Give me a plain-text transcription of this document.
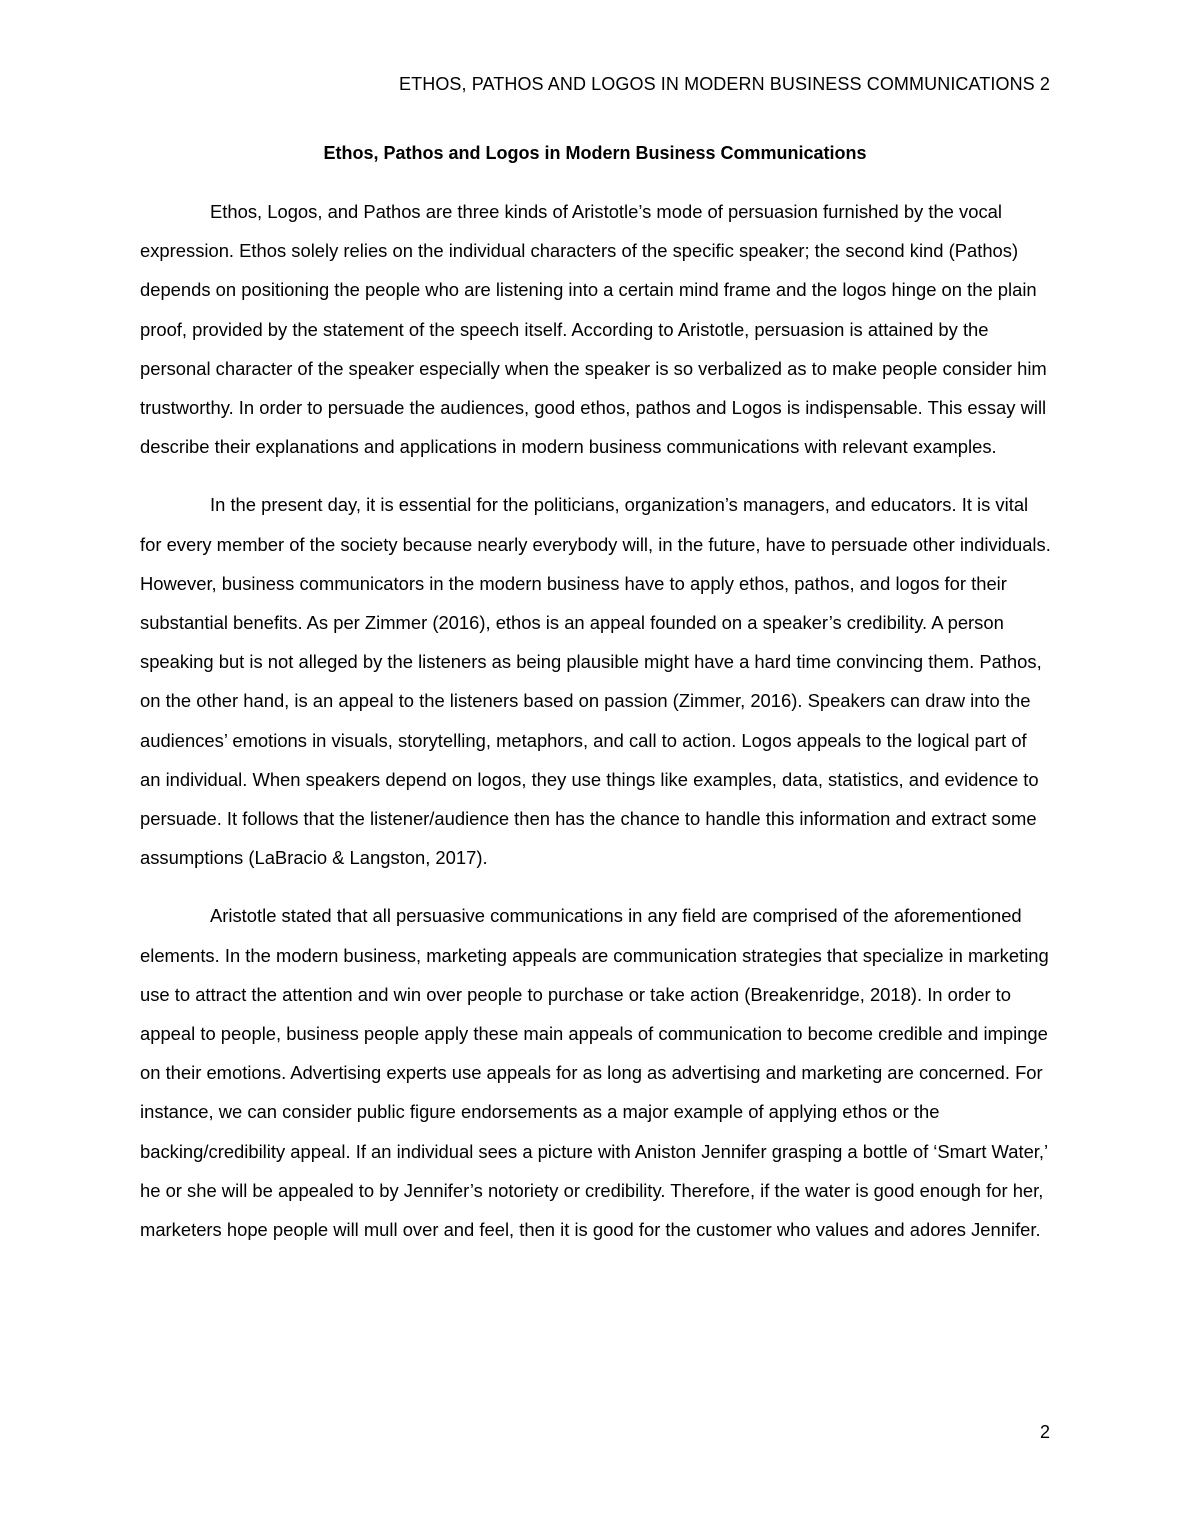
ETHOS, PATHOS AND LOGOS IN MODERN BUSINESS COMMUNICATIONS 2
Ethos, Pathos and Logos in Modern Business Communications

Ethos, Logos, and Pathos are three kinds of Aristotle’s mode of persuasion furnished by the vocal expression. Ethos solely relies on the individual characters of the specific speaker; the second kind (Pathos) depends on positioning the people who are listening into a certain mind frame and the logos hinge on the plain proof, provided by the statement of the speech itself. According to Aristotle, persuasion is attained by the personal character of the speaker especially when the speaker is so verbalized as to make people consider him trustworthy. In order to persuade the audiences, good ethos, pathos and Logos is indispensable. This essay will describe their explanations and applications in modern business communications with relevant examples.

In the present day, it is essential for the politicians, organization’s managers, and educators. It is vital for every member of the society because nearly everybody will, in the future, have to persuade other individuals. However, business communicators in the modern business have to apply ethos, pathos, and logos for their substantial benefits. As per Zimmer (2016), ethos is an appeal founded on a speaker’s credibility. A person speaking but is not alleged by the listeners as being plausible might have a hard time convincing them. Pathos, on the other hand, is an appeal to the listeners based on passion (Zimmer, 2016). Speakers can draw into the audiences’ emotions in visuals, storytelling, metaphors, and call to action. Logos appeals to the logical part of an individual. When speakers depend on logos, they use things like examples, data, statistics, and evidence to persuade. It follows that the listener/audience then has the chance to handle this information and extract some assumptions (LaBracio & Langston, 2017).

Aristotle stated that all persuasive communications in any field are comprised of the aforementioned elements. In the modern business, marketing appeals are communication strategies that specialize in marketing use to attract the attention and win over people to purchase or take action (Breakenridge, 2018). In order to appeal to people, business people apply these main appeals of communication to become credible and impinge on their emotions. Advertising experts use appeals for as long as advertising and marketing are concerned. For instance, we can consider public figure endorsements as a major example of applying ethos or the backing/credibility appeal. If an individual sees a picture with Aniston Jennifer grasping a bottle of ‘Smart Water,’ he or she will be appealed to by Jennifer’s notoriety or credibility. Therefore, if the water is good enough for her, marketers hope people will mull over and feel, then it is good for the customer who values and adores Jennifer.

2
